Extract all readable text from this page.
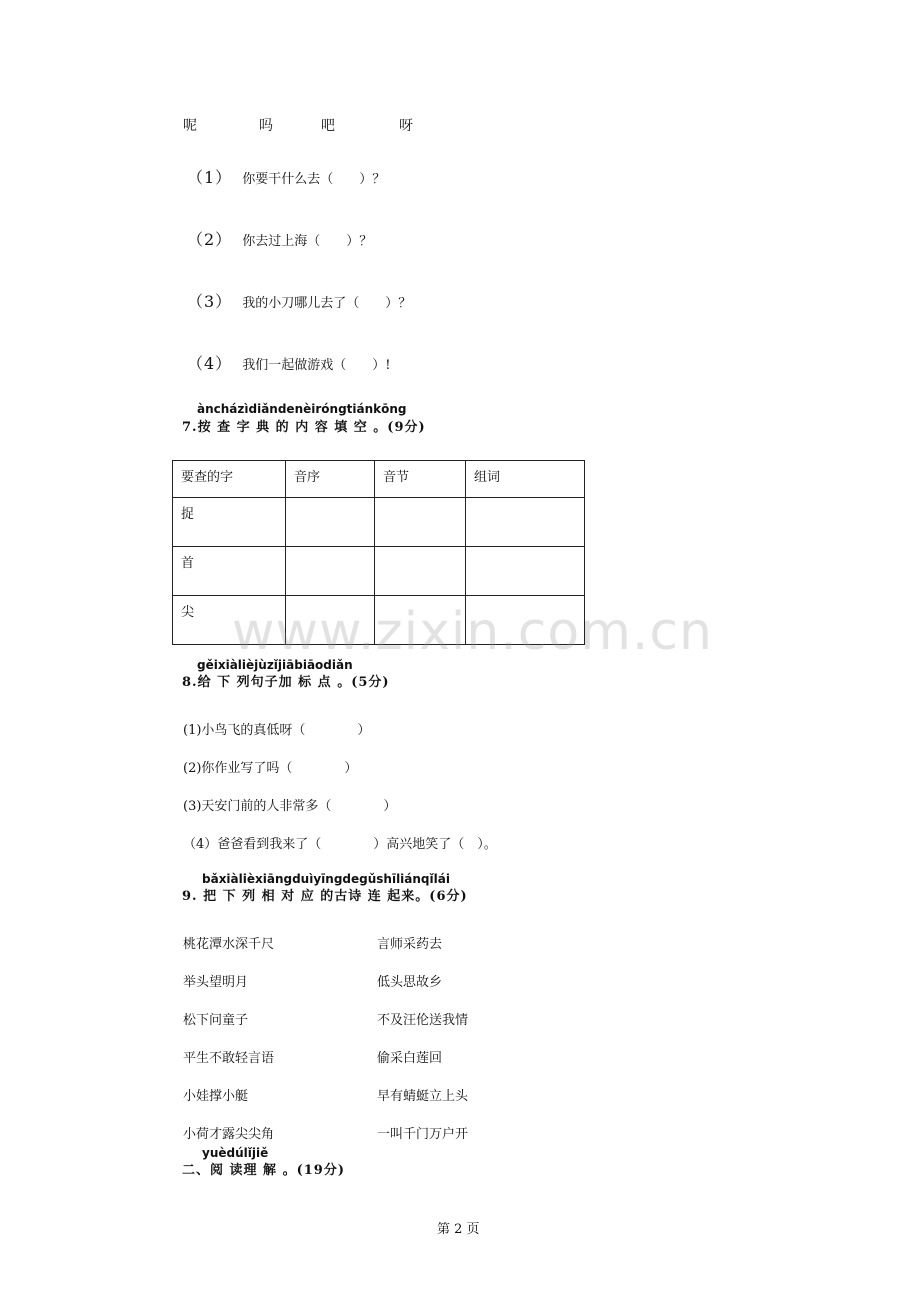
呢	吗	吧	呀
（1） 你要干什么去（　　）？
（2） 你去过上海（　　）？
（3） 我的小刀哪儿去了（　　）？
（4） 我们一起做游戏（　　）!
àncházìdiǎndenèiróngtiánkōng
7.按 查 字 典 的 内 容 填 空 。(9分)
要查的字	音序	音节	组词
捉			
首			
尖			www.zixin.com.cn
gěixiàlièjùzǐjiābiāodiǎn
8.给 下 列句子加 标 点 。(5分)
(1)小鸟飞的真低呀（　　　　）
(2)你作业写了吗（　　　　）
(3)天安门前的人非常多（　　　　）
（4）爸爸看到我来了（　　　　）高兴地笑了（　）。
bǎxiàlièxiāngduìyīngdegǔshīliánqǐlái
9. 把 下 列 相 对 应 的古诗 连 起来。(6分)
桃花潭水深千尺	言师采药去
举头望明月	低头思故乡
松下问童子	不及汪伦送我情
平生不敢轻言语	偷采白莲回
小娃撑小艇	早有蜻蜓立上头
小荷才露尖尖角	一叫千门万户开
yuèdúlǐjiě
二、阅 读理 解 。(19分)
第 2 页
